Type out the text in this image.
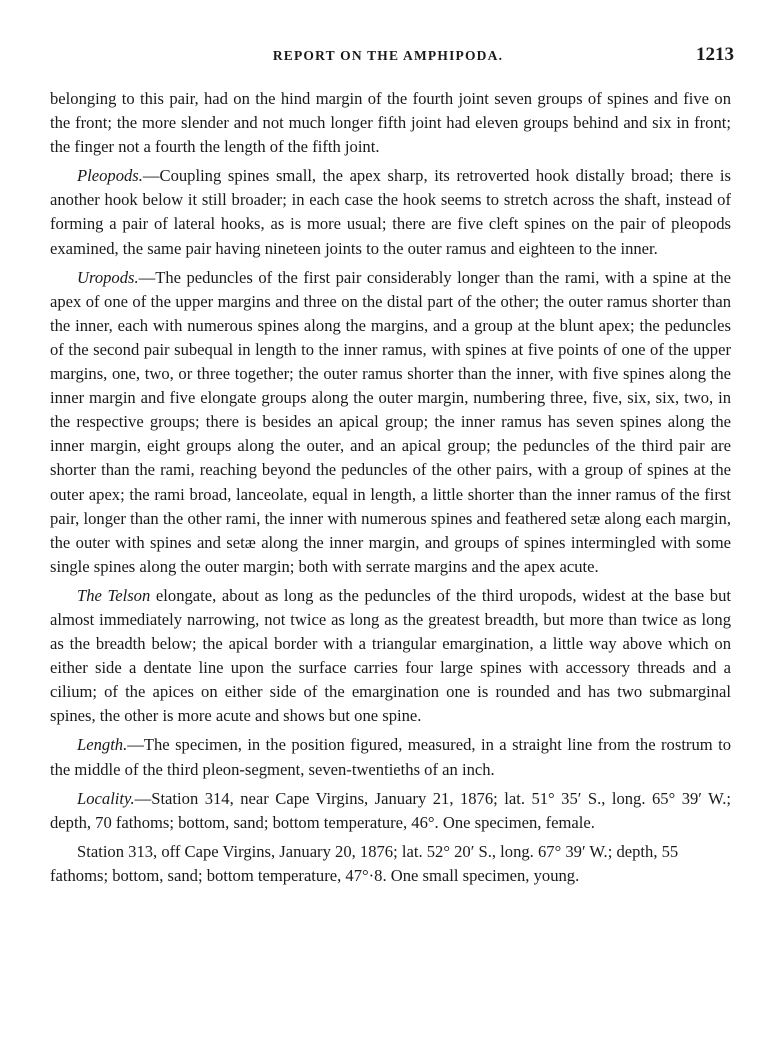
REPORT ON THE AMPHIPODA.	1213

belonging to this pair, had on the hind margin of the fourth joint seven groups of spines and five on the front; the more slender and not much longer fifth joint had eleven groups behind and six in front; the finger not a fourth the length of the fifth joint.

Pleopods.—Coupling spines small, the apex sharp, its retroverted hook distally broad; there is another hook below it still broader; in each case the hook seems to stretch across the shaft, instead of forming a pair of lateral hooks, as is more usual; there are five cleft spines on the pair of pleopods examined, the same pair having nineteen joints to the outer ramus and eighteen to the inner.

Uropods.—The peduncles of the first pair considerably longer than the rami, with a spine at the apex of one of the upper margins and three on the distal part of the other; the outer ramus shorter than the inner, each with numerous spines along the margins, and a group at the blunt apex; the peduncles of the second pair subequal in length to the inner ramus, with spines at five points of one of the upper margins, one, two, or three together; the outer ramus shorter than the inner, with five spines along the inner margin and five elongate groups along the outer margin, numbering three, five, six, six, two, in the respective groups; there is besides an apical group; the inner ramus has seven spines along the inner margin, eight groups along the outer, and an apical group; the peduncles of the third pair are shorter than the rami, reaching beyond the peduncles of the other pairs, with a group of spines at the outer apex; the rami broad, lanceolate, equal in length, a little shorter than the inner ramus of the first pair, longer than the other rami, the inner with numerous spines and feathered setæ along each margin, the outer with spines and setæ along the inner margin, and groups of spines intermingled with some single spines along the outer margin; both with serrate margins and the apex acute.

The Telson elongate, about as long as the peduncles of the third uropods, widest at the base but almost immediately narrowing, not twice as long as the greatest breadth, but more than twice as long as the breadth below; the apical border with a triangular emargination, a little way above which on either side a dentate line upon the surface carries four large spines with accessory threads and a cilium; of the apices on either side of the emargination one is rounded and has two submarginal spines, the other is more acute and shows but one spine.

Length.—The specimen, in the position figured, measured, in a straight line from the rostrum to the middle of the third pleon-segment, seven-twentieths of an inch.

Locality.—Station 314, near Cape Virgins, January 21, 1876; lat. 51° 35′ S., long. 65° 39′ W.; depth, 70 fathoms; bottom, sand; bottom temperature, 46°. One specimen, female.

Station 313, off Cape Virgins, January 20, 1876; lat. 52° 20′ S., long. 67° 39′ W.; depth, 55 fathoms; bottom, sand; bottom temperature, 47°·8. One small specimen, young.
